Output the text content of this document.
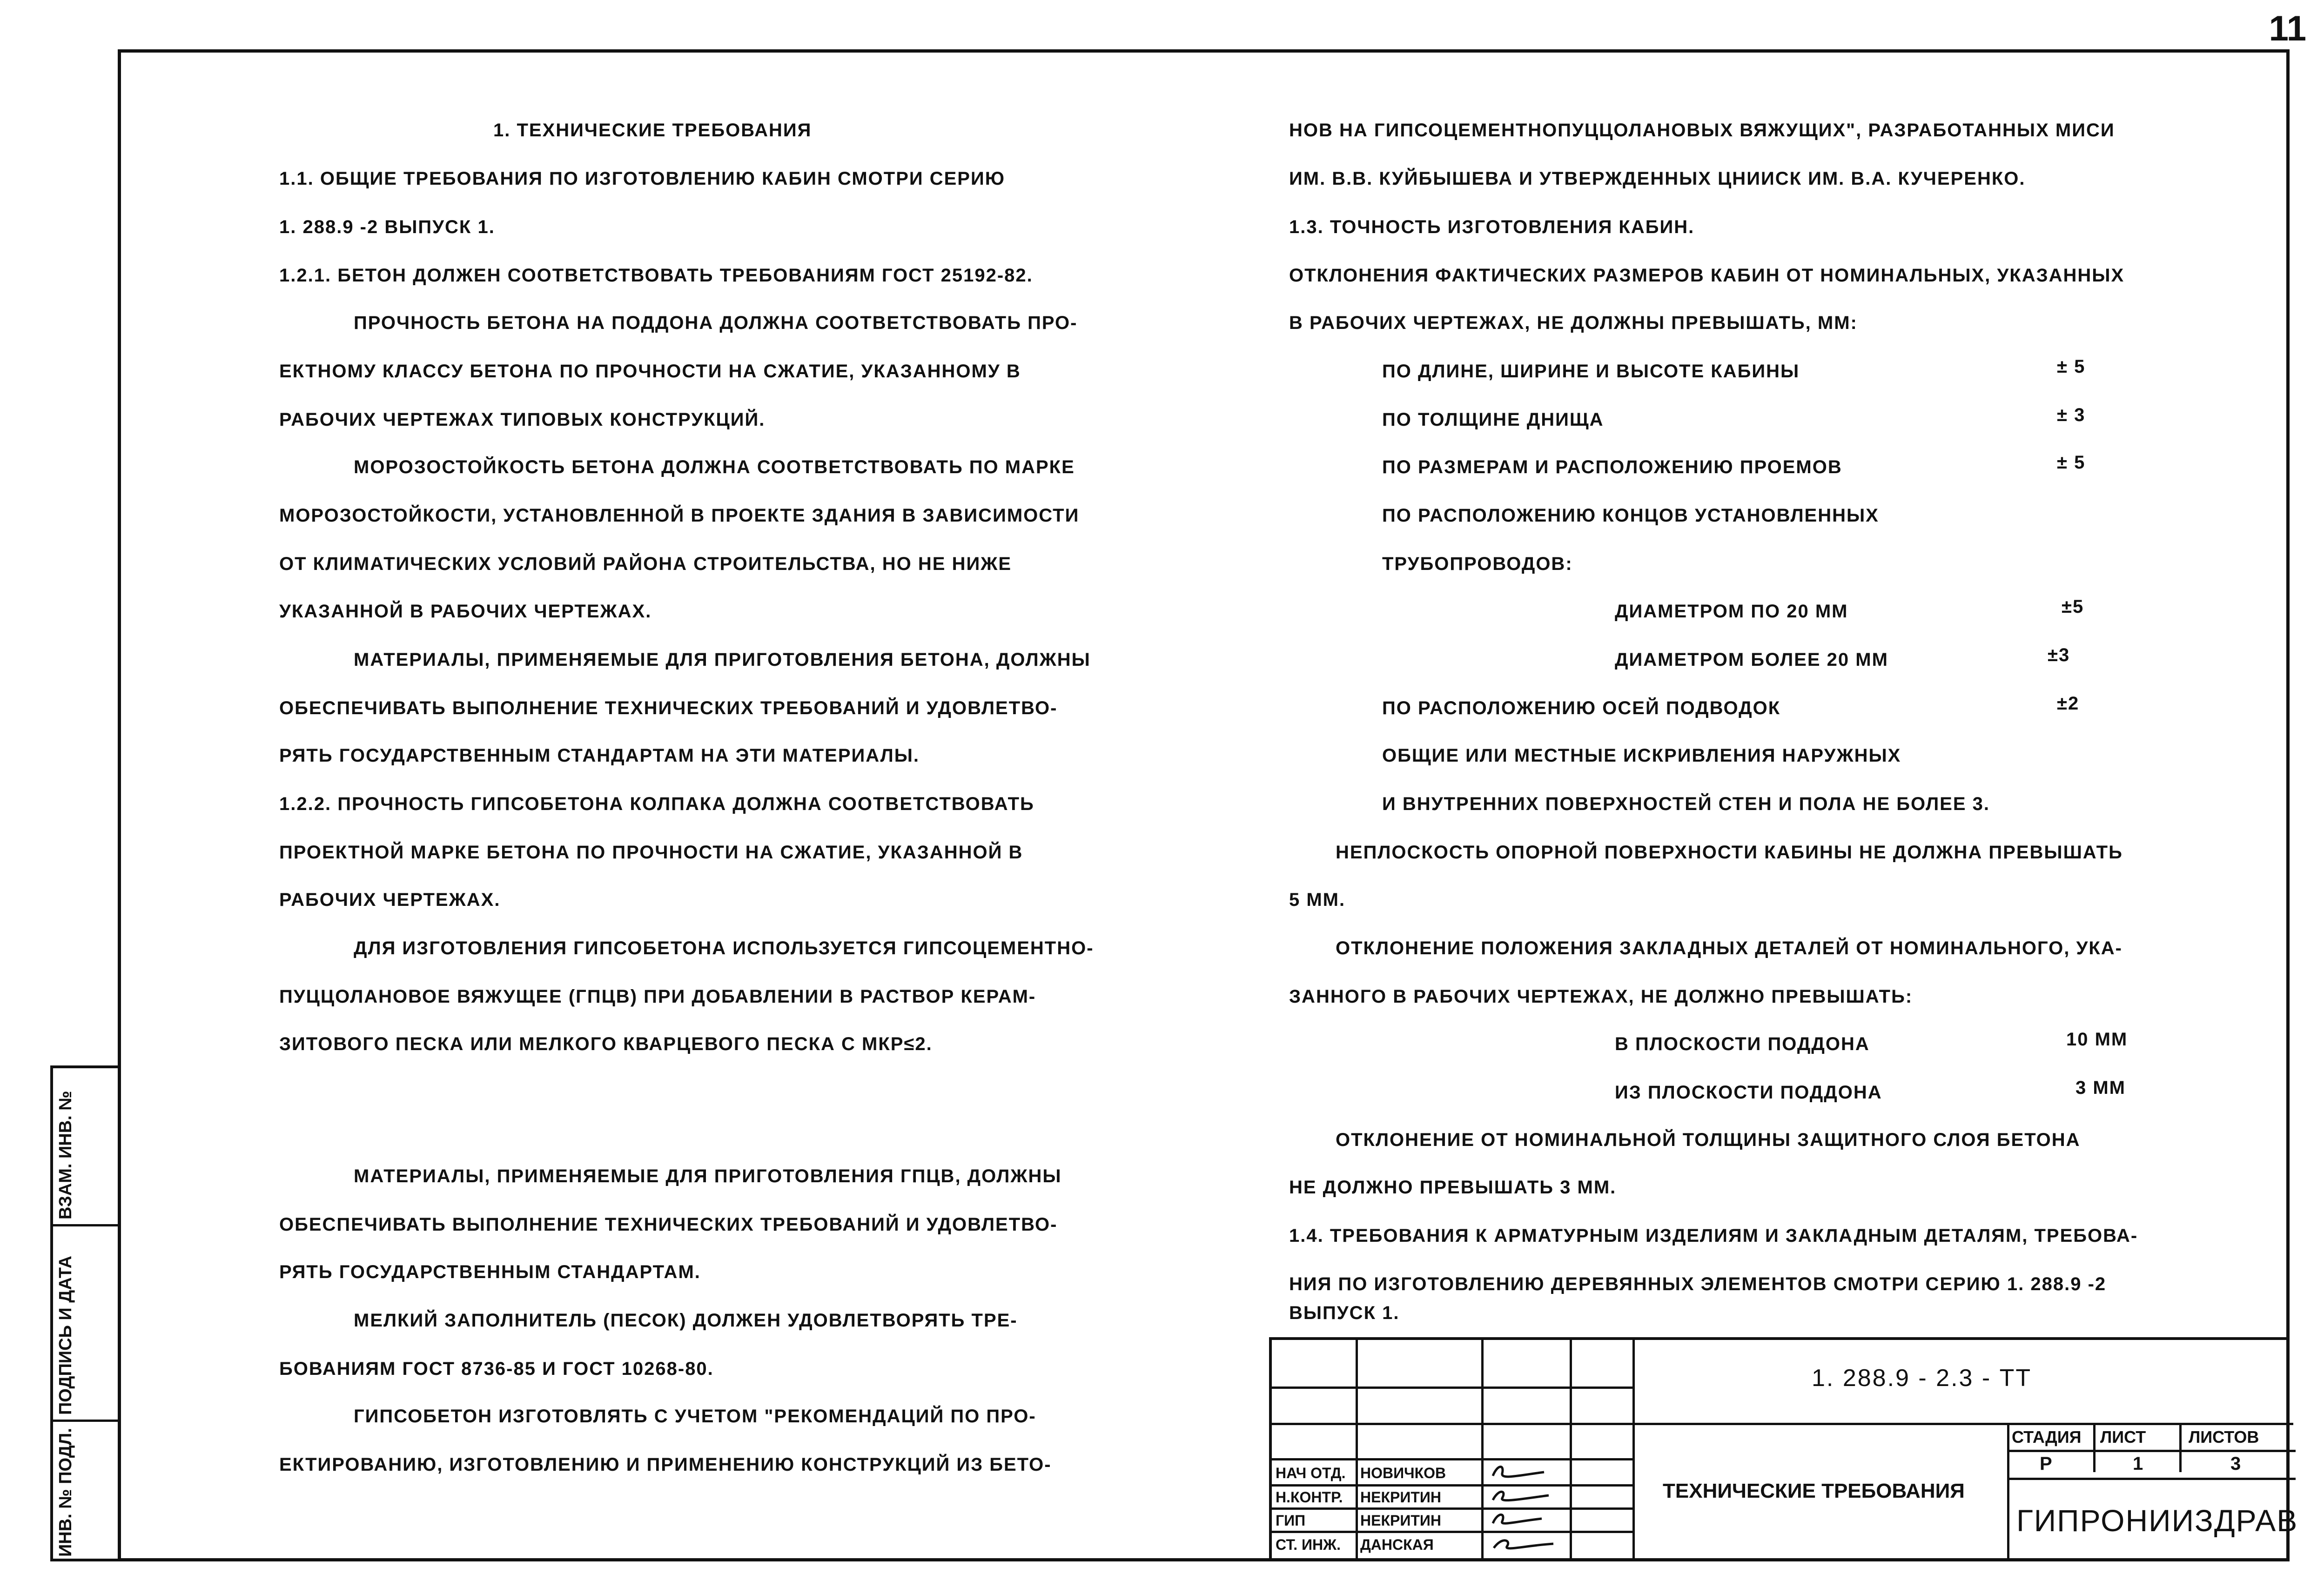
11
ВЗАМ. ИНВ. №
ПОДПИСЬ И ДАТА
ИНВ. № ПОДЛ.
1. ТЕХНИЧЕСКИЕ ТРЕБОВАНИЯ
1.1. ОБЩИЕ ТРЕБОВАНИЯ ПО ИЗГОТОВЛЕНИЮ КАБИН СМОТРИ СЕРИЮ
1. 288.9 -2 ВЫПУСК 1.
1.2.1. БЕТОН ДОЛЖЕН СООТВЕТСТВОВАТЬ ТРЕБОВАНИЯМ ГОСТ 25192-82.
ПРОЧНОСТЬ БЕТОНА НА ПОДДОНА ДОЛЖНА СООТВЕТСТВОВАТЬ ПРО-
ЕКТНОМУ КЛАССУ БЕТОНА ПО ПРОЧНОСТИ НА СЖАТИЕ, УКАЗАННОМУ В
РАБОЧИХ ЧЕРТЕЖАХ ТИПОВЫХ КОНСТРУКЦИЙ.
МОРОЗОСТОЙКОСТЬ БЕТОНА ДОЛЖНА СООТВЕТСТВОВАТЬ ПО МАРКЕ
МОРОЗОСТОЙКОСТИ, УСТАНОВЛЕННОЙ В ПРОЕКТЕ ЗДАНИЯ В ЗАВИСИМОСТИ
ОТ КЛИМАТИЧЕСКИХ УСЛОВИЙ РАЙОНА СТРОИТЕЛЬСТВА, НО НЕ НИЖЕ
УКАЗАННОЙ В РАБОЧИХ ЧЕРТЕЖАХ.
МАТЕРИАЛЫ, ПРИМЕНЯЕМЫЕ ДЛЯ ПРИГОТОВЛЕНИЯ БЕТОНА, ДОЛЖНЫ
ОБЕСПЕЧИВАТЬ ВЫПОЛНЕНИЕ ТЕХНИЧЕСКИХ ТРЕБОВАНИЙ И УДОВЛЕТВО-
РЯТЬ ГОСУДАРСТВЕННЫМ СТАНДАРТАМ НА ЭТИ МАТЕРИАЛЫ.
1.2.2. ПРОЧНОСТЬ ГИПСОБЕТОНА КОЛПАКА ДОЛЖНА СООТВЕТСТВОВАТЬ
ПРОЕКТНОЙ МАРКЕ БЕТОНА ПО ПРОЧНОСТИ НА СЖАТИЕ, УКАЗАННОЙ В
РАБОЧИХ ЧЕРТЕЖАХ.
ДЛЯ ИЗГОТОВЛЕНИЯ ГИПСОБЕТОНА ИСПОЛЬЗУЕТСЯ ГИПСОЦЕМЕНТНО-
ПУЦЦОЛАНОВОЕ ВЯЖУЩЕЕ (ГПЦВ) ПРИ ДОБАВЛЕНИИ В РАСТВОР КЕРАМ-
ЗИТОВОГО ПЕСКА ИЛИ МЕЛКОГО КВАРЦЕВОГО ПЕСКА С MКР≤2.
МАТЕРИАЛЫ, ПРИМЕНЯЕМЫЕ ДЛЯ ПРИГОТОВЛЕНИЯ ГПЦВ, ДОЛЖНЫ
ОБЕСПЕЧИВАТЬ ВЫПОЛНЕНИЕ ТЕХНИЧЕСКИХ ТРЕБОВАНИЙ И УДОВЛЕТВО-
РЯТЬ ГОСУДАРСТВЕННЫМ СТАНДАРТАМ.
МЕЛКИЙ ЗАПОЛНИТЕЛЬ (ПЕСОК) ДОЛЖЕН УДОВЛЕТВОРЯТЬ ТРЕ-
БОВАНИЯМ ГОСТ 8736-85 И ГОСТ 10268-80.
ГИПСОБЕТОН ИЗГОТОВЛЯТЬ С УЧЕТОМ "РЕКОМЕНДАЦИЙ ПО ПРО-
ЕКТИРОВАНИЮ, ИЗГОТОВЛЕНИЮ И ПРИМЕНЕНИЮ КОНСТРУКЦИЙ ИЗ БЕТО-
НОВ НА ГИПСОЦЕМЕНТНОПУЦЦОЛАНОВЫХ ВЯЖУЩИХ", РАЗРАБОТАННЫХ МИСИ
ИМ. В.В. КУЙБЫШЕВА И УТВЕРЖДЕННЫХ ЦНИИСК ИМ. В.А. КУЧЕРЕНКО.
1.3. ТОЧНОСТЬ ИЗГОТОВЛЕНИЯ КАБИН.
ОТКЛОНЕНИЯ ФАКТИЧЕСКИХ РАЗМЕРОВ КАБИН ОТ НОМИНАЛЬНЫХ, УКАЗАННЫХ
В РАБОЧИХ ЧЕРТЕЖАХ, НЕ ДОЛЖНЫ ПРЕВЫШАТЬ, ММ:
ПО ДЛИНЕ, ШИРИНЕ И ВЫСОТЕ КАБИНЫ	± 5
ПО ТОЛЩИНЕ ДНИЩА	± 3
ПО РАЗМЕРАМ И РАСПОЛОЖЕНИЮ ПРОЕМОВ	± 5
ПО РАСПОЛОЖЕНИЮ КОНЦОВ УСТАНОВЛЕННЫХ
ТРУБОПРОВОДОВ:
ДИАМЕТРОМ ПО 20 ММ	±5
ДИАМЕТРОМ БОЛЕЕ 20 ММ	±3
ПО РАСПОЛОЖЕНИЮ ОСЕЙ ПОДВОДОК	±2
ОБЩИЕ ИЛИ МЕСТНЫЕ ИСКРИВЛЕНИЯ НАРУЖНЫХ
И ВНУТРЕННИХ ПОВЕРХНОСТЕЙ СТЕН И ПОЛА НЕ БОЛЕЕ 3.
НЕПЛОСКОСТЬ ОПОРНОЙ ПОВЕРХНОСТИ КАБИНЫ НЕ ДОЛЖНА ПРЕВЫШАТЬ
5 ММ.
ОТКЛОНЕНИЕ ПОЛОЖЕНИЯ ЗАКЛАДНЫХ ДЕТАЛЕЙ ОТ НОМИНАЛЬНОГО, УКА-
ЗАННОГО В РАБОЧИХ ЧЕРТЕЖАХ, НЕ ДОЛЖНО ПРЕВЫШАТЬ:
В ПЛОСКОСТИ ПОДДОНА	10 ММ
ИЗ ПЛОСКОСТИ ПОДДОНА	3 ММ
ОТКЛОНЕНИЕ ОТ НОМИНАЛЬНОЙ ТОЛЩИНЫ ЗАЩИТНОГО СЛОЯ БЕТОНА
НЕ ДОЛЖНО ПРЕВЫШАТЬ 3 ММ.
1.4. ТРЕБОВАНИЯ К АРМАТУРНЫМ ИЗДЕЛИЯМ И ЗАКЛАДНЫМ ДЕТАЛЯМ, ТРЕБОВА-
НИЯ ПО ИЗГОТОВЛЕНИЮ ДЕРЕВЯННЫХ ЭЛЕМЕНТОВ СМОТРИ СЕРИЮ 1. 288.9 -2
ВЫПУСК 1.
НАЧ ОТД. НОВИЧКОВ
Н.КОНТР. НЕКРИТИН
ГИП	НЕКРИТИН
СТ. ИНЖ. ДАНСКАЯ
1. 288.9 - 2.3 - ТТ
ТЕХНИЧЕСКИЕ ТРЕБОВАНИЯ
СТАДИЯ ЛИСТ	ЛИСТОВ
Р	1	3
ГИПРОНИИЗДРАВ
